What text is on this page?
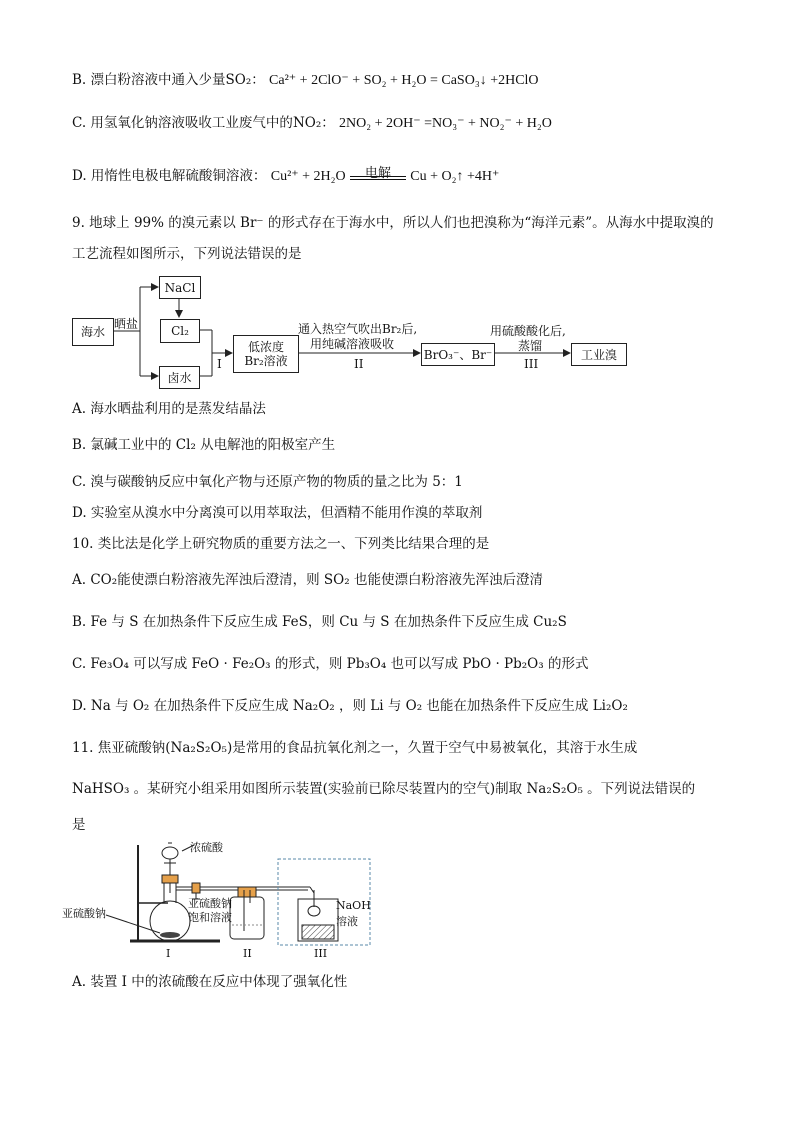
B. 漂白粉溶液中通入少量SO₂： Ca²⁺ + 2ClO⁻ + SO₂ + H₂O = CaSO₃↓ +2HClO
C. 用氢氧化钠溶液吸收工业废气中的NO₂： 2NO₂ + 2OH⁻ =NO₃⁻ + NO₂⁻ + H₂O
D. 用惰性电极电解硫酸铜溶液： Cu²⁺ + 2H₂O	电解	Cu + O₂↑ +4H⁺
9. 地球上 99% 的溴元素以 Br⁻ 的形式存在于海水中，所以人们也把溴称为“海洋元素”。从海水中提取溴的
工艺流程如图所示，下列说法错误的是
海水
晒盐
NaCl
Cl₂
卤水
I
低浓度
Br₂溶液
通入热空气吹出Br₂后,
用纯碱溶液吸收
II
BrO₃⁻、Br⁻
用硫酸酸化后,
蒸馏
III
工业溴
A. 海水晒盐利用的是蒸发结晶法
B. 氯碱工业中的 Cl₂ 从电解池的阳极室产生
C. 溴与碳酸钠反应中氧化产物与还原产物的物质的量之比为 5：1
D. 实验室从溴水中分离溴可以用萃取法，但酒精不能用作溴的萃取剂
10. 类比法是化学上研究物质的重要方法之一、下列类比结果合理的是
A. CO₂能使漂白粉溶液先浑浊后澄清，则 SO₂ 也能使漂白粉溶液先浑浊后澄清
B. Fe 与 S 在加热条件下反应生成 FeS，则 Cu 与 S 在加热条件下反应生成 Cu₂S
C. Fe₃O₄ 可以写成 FeO · Fe₂O₃ 的形式，则 Pb₃O₄ 也可以写成 PbO · Pb₂O₃ 的形式
D. Na 与 O₂ 在加热条件下反应生成 Na₂O₂ ，则 Li 与 O₂ 也能在加热条件下反应生成 Li₂O₂
11. 焦亚硫酸钠(Na₂S₂O₅)是常用的食品抗氧化剂之一，久置于空气中易被氧化，其溶于水生成
NaHSO₃ 。某研究小组采用如图所示装置(实验前已除尽装置内的空气)制取 Na₂S₂O₅ 。下列说法错误的
是
浓硫酸
亚硫酸钠
亚硫酸钠
饱和溶液
NaOH
溶液
I	II	III
A. 装置 I 中的浓硫酸在反应中体现了强氧化性
